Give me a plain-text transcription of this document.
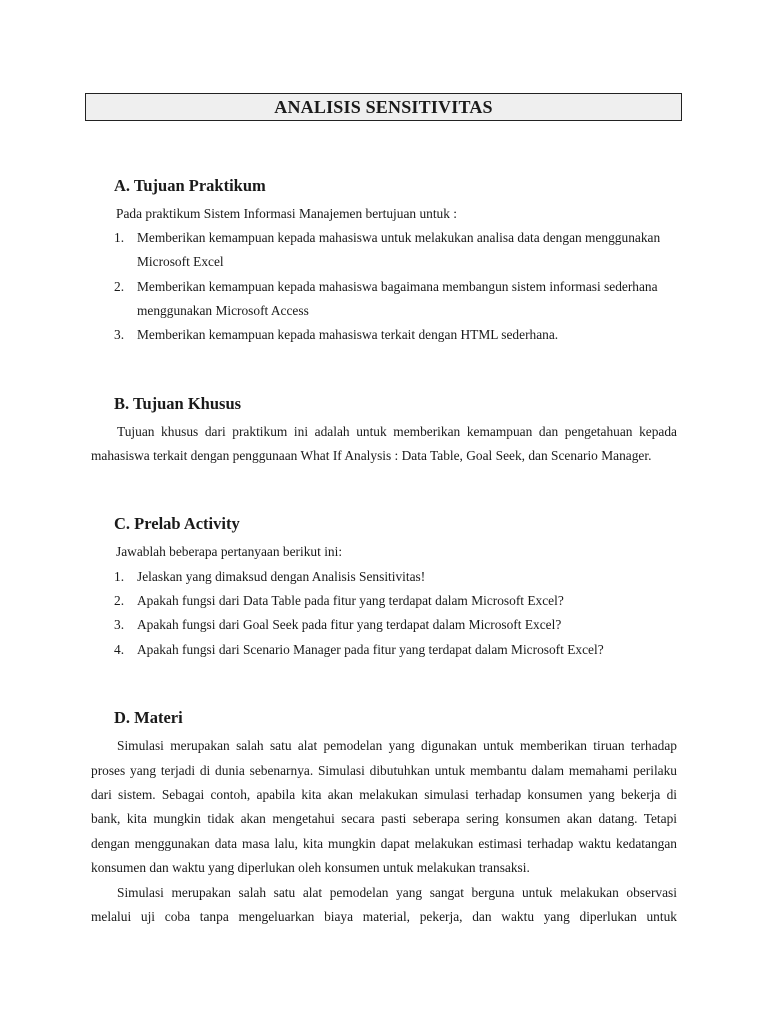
ANALISIS SENSITIVITAS
A. Tujuan Praktikum
Pada praktikum Sistem Informasi Manajemen bertujuan untuk :
1. Memberikan kemampuan kepada mahasiswa untuk melakukan analisa data dengan menggunakan
Microsoft Excel
2. Memberikan kemampuan kepada mahasiswa bagaimana membangun sistem informasi sederhana
menggunakan Microsoft Access
3. Memberikan kemampuan kepada mahasiswa terkait dengan HTML sederhana.
B. Tujuan Khusus
Tujuan khusus dari praktikum ini adalah untuk memberikan kemampuan dan pengetahuan kepada
mahasiswa terkait dengan penggunaan What If Analysis : Data Table, Goal Seek, dan Scenario Manager.
C. Prelab Activity
Jawablah beberapa pertanyaan berikut ini:
1. Jelaskan yang dimaksud dengan Analisis Sensitivitas!
2. Apakah fungsi dari Data Table pada fitur yang terdapat dalam Microsoft Excel?
3. Apakah fungsi dari Goal Seek pada fitur yang terdapat dalam Microsoft Excel?
4. Apakah fungsi dari Scenario Manager pada fitur yang terdapat dalam Microsoft Excel?
D. Materi
Simulasi merupakan salah satu alat pemodelan yang digunakan untuk memberikan tiruan terhadap
proses yang terjadi di dunia sebenarnya. Simulasi dibutuhkan untuk membantu dalam memahami perilaku
dari sistem. Sebagai contoh, apabila kita akan melakukan simulasi terhadap konsumen yang bekerja di
bank, kita mungkin tidak akan mengetahui secara pasti seberapa sering konsumen akan datang. Tetapi
dengan menggunakan data masa lalu, kita mungkin dapat melakukan estimasi terhadap waktu kedatangan
konsumen dan waktu yang diperlukan oleh konsumen untuk melakukan transaksi.
Simulasi merupakan salah satu alat pemodelan yang sangat berguna untuk melakukan observasi
melalui uji coba tanpa mengeluarkan biaya material, pekerja, dan waktu yang diperlukan untuk
